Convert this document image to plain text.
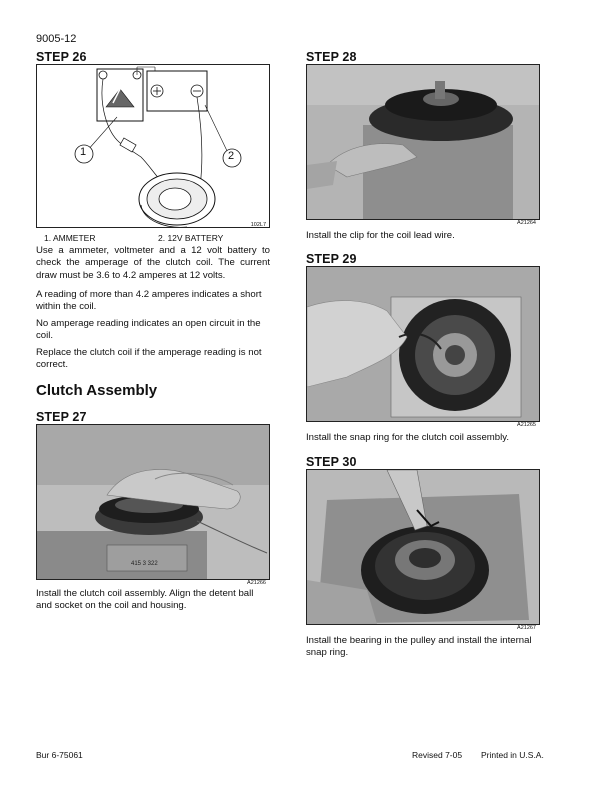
9005-12
STEP 26
1	2
102L7
1. AMMETER	2. 12V BATTERY
Use a ammeter, voltmeter and a 12 volt battery to check the amperage of the clutch coil. The current draw must be 3.6 to 4.2 amperes at 12 volts.
A reading of more than 4.2 amperes indicates a short within the coil.
No amperage reading indicates an open circuit in the coil.
Replace the clutch coil if the amperage reading is not correct.
Clutch Assembly
STEP 27
415 3 322
A21266
Install the clutch coil assembly. Align the detent ball and socket on the coil and housing.
STEP 28
A21264
Install the clip for the coil lead wire.
STEP 29
A21265
Install the snap ring for the clutch coil assembly.
STEP 30
A21267
Install the bearing in the pulley and install the internal snap ring.
Bur 6-75061	Revised 7-05 Printed in U.S.A.
